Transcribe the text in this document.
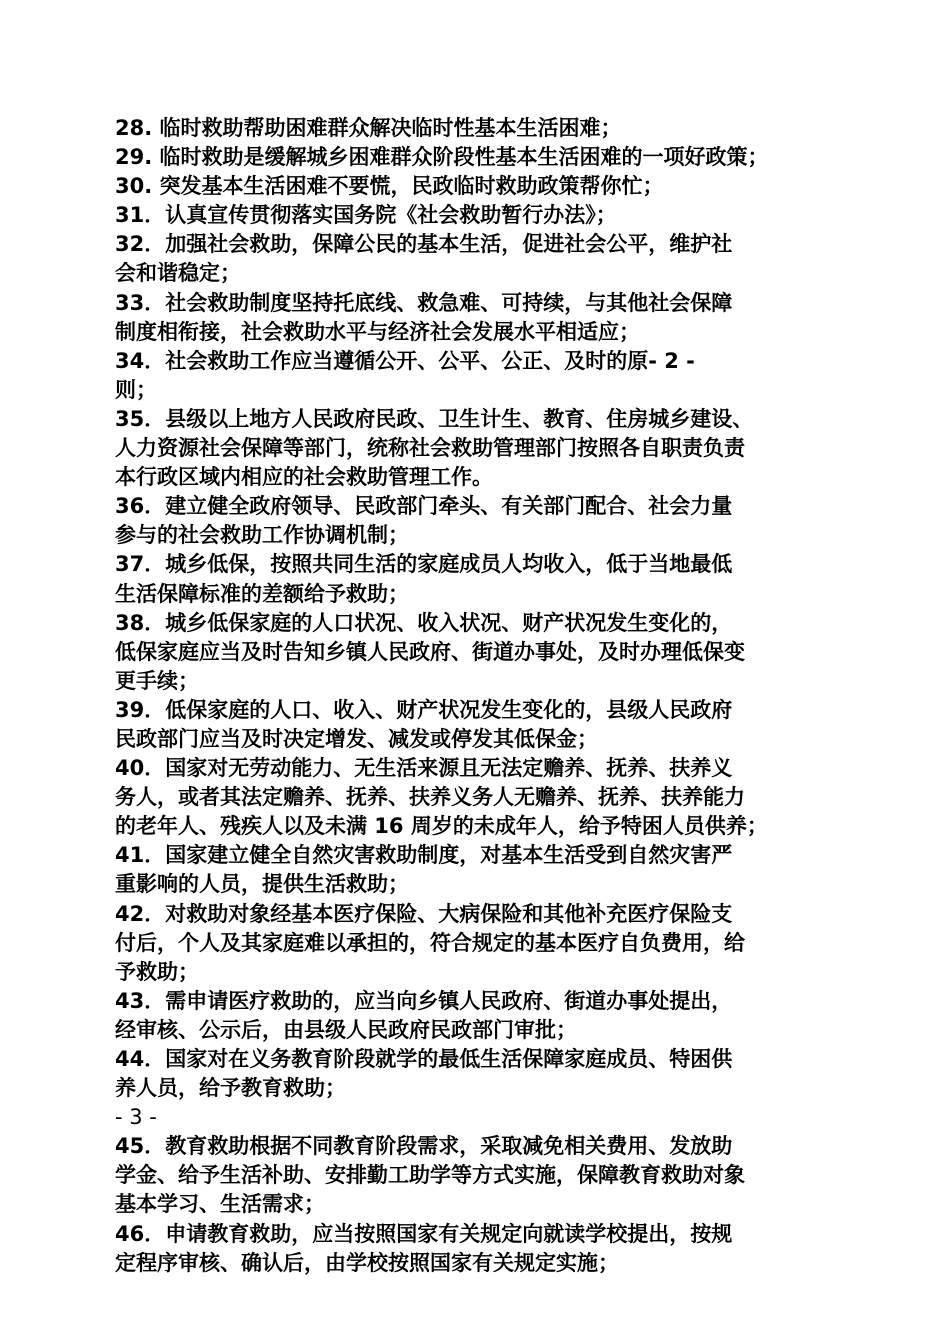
28. 临时救助帮助困难群众解决临时性基本生活困难；
29. 临时救助是缓解城乡困难群众阶段性基本生活困难的一项好政策；
30. 突发基本生活困难不要慌，民政临时救助政策帮你忙；
31．认真宣传贯彻落实国务院《社会救助暂行办法》；
32．加强社会救助，保障公民的基本生活，促进社会公平，维护社
会和谐稳定；
33．社会救助制度坚持托底线、救急难、可持续，与其他社会保障
制度相衔接，社会救助水平与经济社会发展水平相适应；
34．社会救助工作应当遵循公开、公平、公正、及时的原- 2 -
则；
35．县级以上地方人民政府民政、卫生计生、教育、住房城乡建设、
人力资源社会保障等部门，统称社会救助管理部门按照各自职责负责
本行政区域内相应的社会救助管理工作。
36．建立健全政府领导、民政部门牵头、有关部门配合、社会力量
参与的社会救助工作协调机制；
37．城乡低保，按照共同生活的家庭成员人均收入，低于当地最低
生活保障标准的差额给予救助；
38．城乡低保家庭的人口状况、收入状况、财产状况发生变化的，
低保家庭应当及时告知乡镇人民政府、街道办事处，及时办理低保变
更手续；
39．低保家庭的人口、收入、财产状况发生变化的，县级人民政府
民政部门应当及时决定增发、减发或停发其低保金；
40．国家对无劳动能力、无生活来源且无法定赡养、抚养、扶养义
务人，或者其法定赡养、抚养、扶养义务人无赡养、抚养、扶养能力
的老年人、残疾人以及未满 16 周岁的未成年人，给予特困人员供养；
41．国家建立健全自然灾害救助制度，对基本生活受到自然灾害严
重影响的人员，提供生活救助；
42．对救助对象经基本医疗保险、大病保险和其他补充医疗保险支
付后，个人及其家庭难以承担的，符合规定的基本医疗自负费用，给
予救助；
43．需申请医疗救助的，应当向乡镇人民政府、街道办事处提出，
经审核、公示后，由县级人民政府民政部门审批；
44．国家对在义务教育阶段就学的最低生活保障家庭成员、特困供
养人员，给予教育救助；
- 3 -
45．教育救助根据不同教育阶段需求，采取减免相关费用、发放助
学金、给予生活补助、安排勤工助学等方式实施，保障教育救助对象
基本学习、生活需求；
46．申请教育救助，应当按照国家有关规定向就读学校提出，按规
定程序审核、确认后，由学校按照国家有关规定实施；
